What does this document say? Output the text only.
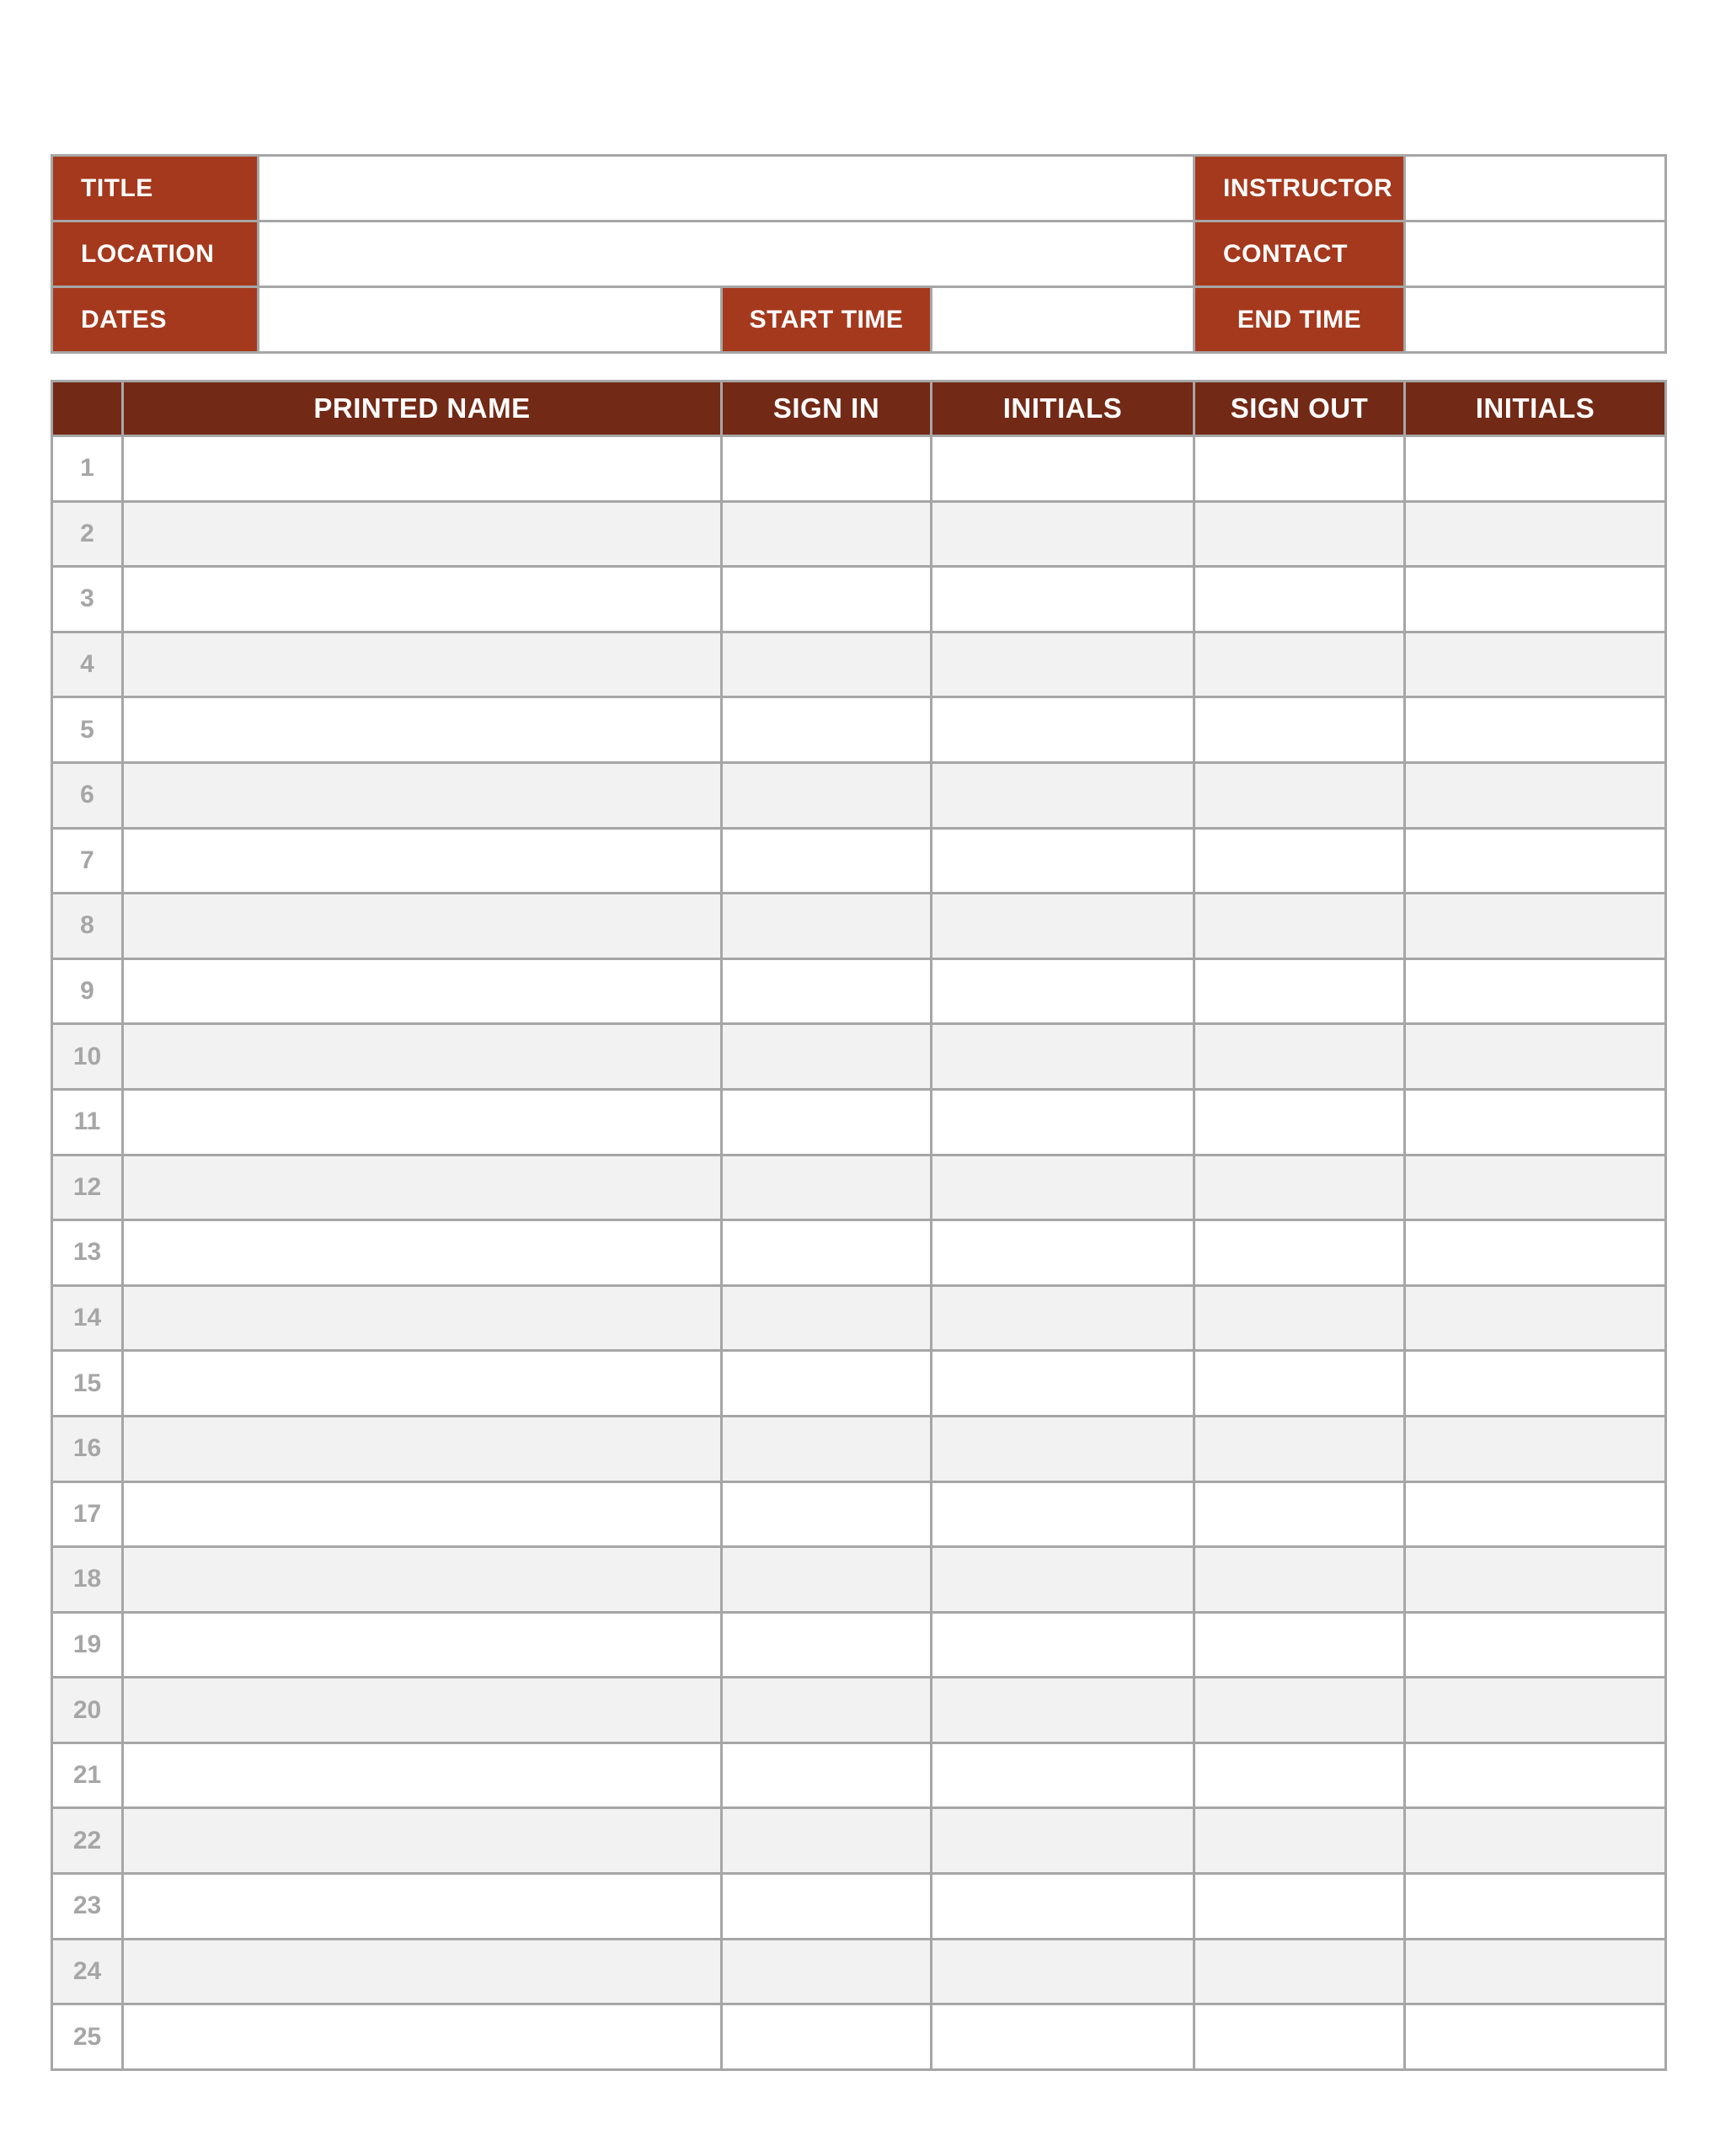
TITLE				INSTRUCTOR	
LOCATION				CONTACT	
DATES		START TIME		END TIME	
	PRINTED NAME	SIGN IN	INITIALS	SIGN OUT	INITIALS
1					
2					
3					
4					
5					
6					
7					
8					
9					
10					
11					
12					
13					
14					
15					
16					
17					
18					
19					
20					
21					
22					
23					
24					
25					
